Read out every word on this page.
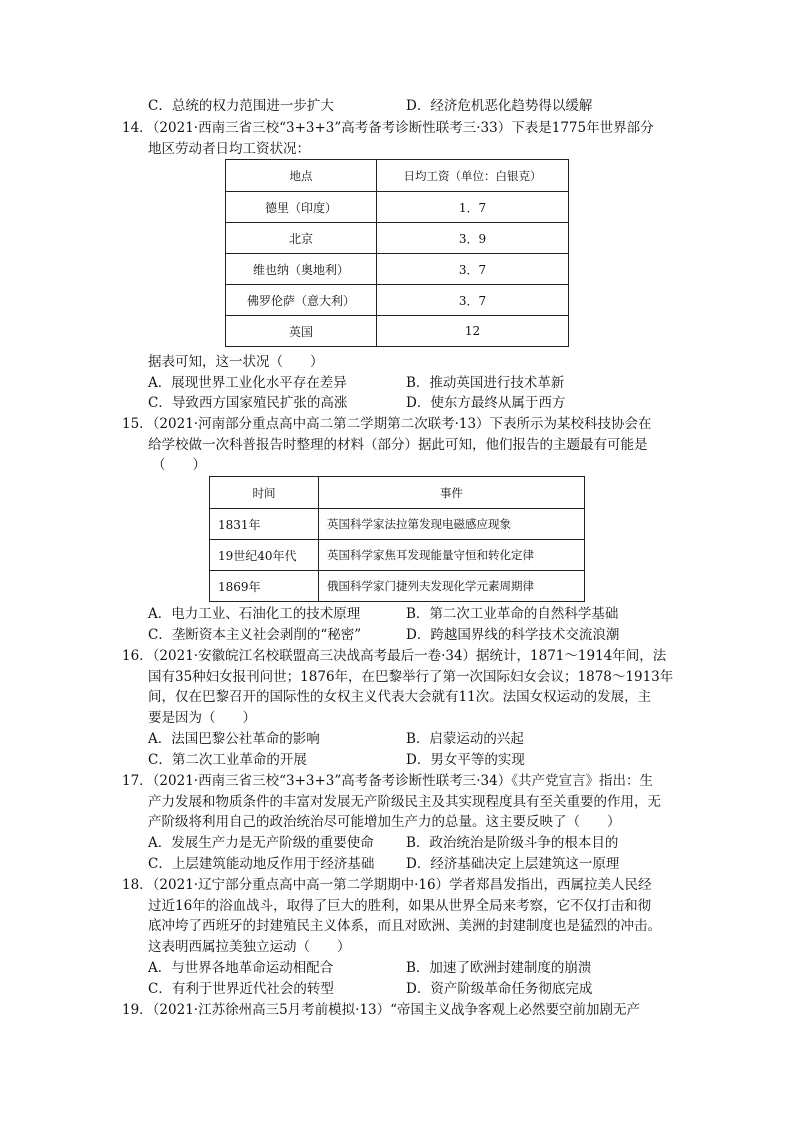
C．总统的权力范围进一步扩大	D．经济危机恶化趋势得以缓解
14．（2021·西南三省三校“3+3+3”高考备考诊断性联考三·33）下表是1775年世界部分
地区劳动者日均工资状况：
地点	日均工资（单位：白银克）
德里（印度）	1．7
北京	3．9
维也纳（奥地利）	3．7
佛罗伦萨（意大利）	3．7
英国	12
据表可知，这一状况（　　）
A．展现世界工业化水平存在差异	B．推动英国进行技术革新
C．导致西方国家殖民扩张的高涨	D．使东方最终从属于西方
15．（2021·河南部分重点高中高二第二学期第二次联考·13）下表所示为某校科技协会在
给学校做一次科普报告时整理的材料（部分）据此可知，他们报告的主题最有可能是
（　　）
时间	事件
1831年	英国科学家法拉第发现电磁感应现象
19世纪40年代	英国科学家焦耳发现能量守恒和转化定律
1869年	俄国科学家门捷列夫发现化学元素周期律
A．电力工业、石油化工的技术原理	B．第二次工业革命的自然科学基础
C．垄断资本主义社会剥削的“秘密”	D．跨越国界线的科学技术交流浪潮
16．（2021·安徽皖江名校联盟高三决战高考最后一卷·34）据统计，1871～1914年间，法
国有35种妇女报刊问世；1876年，在巴黎举行了第一次国际妇女会议；1878～1913年
间，仅在巴黎召开的国际性的女权主义代表大会就有11次。法国女权运动的发展，主
要是因为（　　）
A．法国巴黎公社革命的影响	B．启蒙运动的兴起
C．第二次工业革命的开展	D．男女平等的实现
17．（2021·西南三省三校“3+3+3”高考备考诊断性联考三·34）《共产党宣言》指出：生
产力发展和物质条件的丰富对发展无产阶级民主及其实现程度具有至关重要的作用，无
产阶级将利用自己的政治统治尽可能增加生产力的总量。这主要反映了（　　）
A．发展生产力是无产阶级的重要使命 B．政治统治是阶级斗争的根本目的
C．上层建筑能动地反作用于经济基础 D．经济基础决定上层建筑这一原理
18．（2021·辽宁部分重点高中高一第二学期期中·16）学者郑昌发指出，西属拉美人民经
过近16年的浴血战斗，取得了巨大的胜利，如果从世界全局来考察，它不仅打击和彻
底冲垮了西班牙的封建殖民主义体系，而且对欧洲、美洲的封建制度也是猛烈的冲击。
这表明西属拉美独立运动（　　）
A．与世界各地革命运动相配合	B．加速了欧洲封建制度的崩溃
C．有利于世界近代社会的转型	D．资产阶级革命任务彻底完成
19．（2021·江苏徐州高三5月考前模拟·13）“帝国主义战争客观上必然要空前加剧无产
